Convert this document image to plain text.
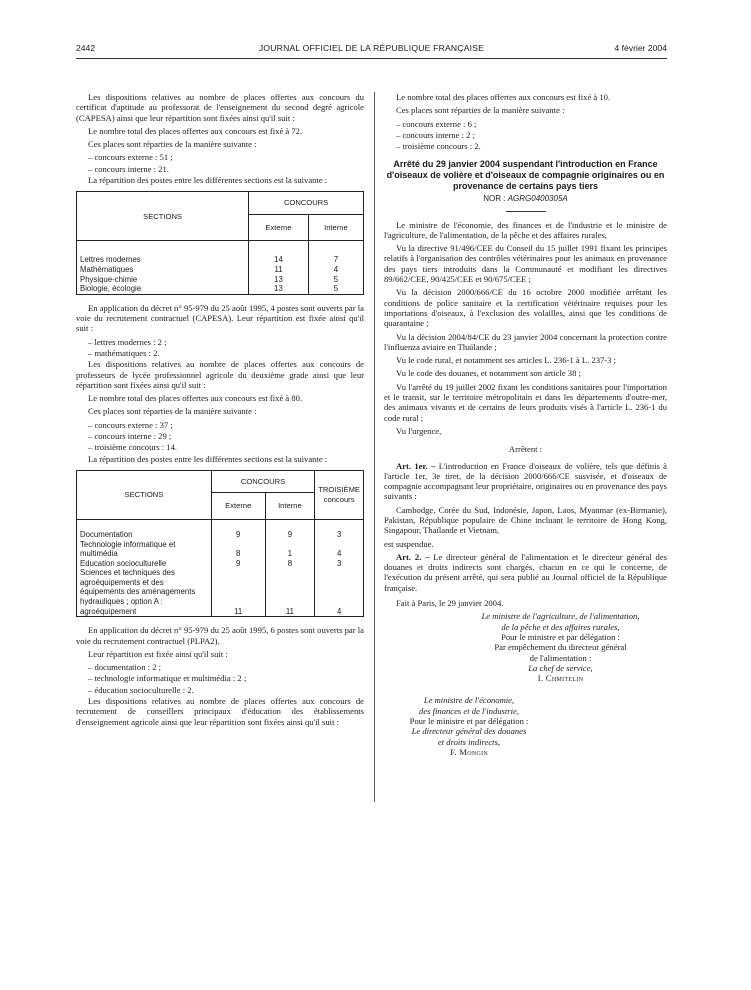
2442	JOURNAL OFFICIEL DE LA RÉPUBLIQUE FRANÇAISE	4 février 2004

Les dispositions relatives au nombre de places offertes aux concours du certificat d'aptitude au professorat de l'enseignement du second degré agricole (CAPESA) ainsi que leur répartition sont fixées ainsi qu'il suit :

Le nombre total des places offertes aux concours est fixé à 72.

Ces places sont réparties de la manière suivante :

– concours externe : 51 ;
– concours interne : 21.

La répartition des postes entre les différentes sections est la suivante :

SECTIONS	CONCOURS	
	Externe	Interne
Lettres modernes	14	7
Mathématiques	11	4
Physique-chimie	13	5
Biologie, écologie	13	5

En application du décret n° 95-979 du 25 août 1995, 4 postes sont ouverts par la voie du recrutement contractuel (CAPESA). Leur répartition est fixée ainsi qu'il suit :

– lettres modernes : 2 ;
– mathématiques : 2.

Les dispositions relatives au nombre de places offertes aux concours de professeurs de lycée professionnel agricole du deuxième grade ainsi que leur répartition sont fixées ainsi qu'il suit :

Le nombre total des places offertes aux concours est fixé à 80.

Ces places sont réparties de la manière suivante :

– concours externe : 37 ;
– concours interne : 29 ;
– troisième concours : 14.

La répartition des postes entre les différentes sections est la suivante :

SECTIONS	CONCOURS		TROISIÈME concours
	Externe	Interne	
Documentation	9	9	3
Technologie informatique et multimédia	8	1	4
Education socioculturelle	9	8	3
Sciences et techniques des agroéquipements et des équipements des aménagements hydrauliques ; option A : agroéquipement	11	11	4

En application du décret n° 95-979 du 25 août 1995, 6 postes sont ouverts par la voie du recrutement contractuel (PLPA2).

Leur répartition est fixée ainsi qu'il suit :

– documentation : 2 ;
– technologie informatique et multimédia : 2 ;
– éducation socioculturelle : 2.

Les dispositions relatives au nombre de places offertes aux concours de recrutement de conseillers principaux d'éducation des établissements d'enseignement agricole ainsi que leur répartition sont fixées ainsi qu'il suit :

Le nombre total des places offertes aux concours est fixé à 10.

Ces places sont réparties de la manière suivante :

– concours externe : 6 ;
– concours interne : 2 ;
– troisième concours : 2.
Arrêté du 29 janvier 2004 suspendant l'introduction en France d'oiseaux de volière et d'oiseaux de compagnie originaires ou en provenance de certains pays tiers
NOR : AGRG0400305A

Le ministre de l'économie, des finances et de l'industrie et le ministre de l'agriculture, de l'alimentation, de la pêche et des affaires rurales,

Vu la directive 91/496/CEE du Conseil du 15 juillet 1991 fixant les principes relatifs à l'organisation des contrôles vétérinaires pour les animaux en provenance des pays tiers introduits dans la Communauté et modifiant les directives 89/662/CEE, 90/425/CEE et 90/675/CEE ;

Vu la décision 2000/666/CE du 16 octobre 2000 modifiée arrêtant les conditions de police sanitaire et la certification vétérinaire requises pour les importations d'oiseaux, à l'exclusion des volailles, ainsi que les conditions de quarantaine ;

Vu la décision 2004/84/CE du 23 janvier 2004 concernant la protection contre l'influenza aviaire en Thaïlande ;

Vu le code rural, et notamment ses articles L. 236-1 à L. 237-3 ;

Vu le code des douanes, et notamment son article 38 ;

Vu l'arrêté du 19 juillet 2002 fixant les conditions sanitaires pour l'importation et le transit, sur le territoire métropolitain et dans les départements d'outre-mer, des animaux vivants et de certains de leurs produits visés à l'article L. 236-1 du code rural ;

Vu l'urgence,

Arrêtent :

Art. 1er. – L'introduction en France d'oiseaux de volière, tels que définis à l'article 1er, 3e tiret, de la décision 2000/666/CE susvisée, et d'oiseaux de compagnie accompagnant leur propriétaire, originaires ou en provenance des pays suivants :

Cambodge, Corée du Sud, Indonésie, Japon, Laos, Myanmar (ex-Birmanie), Pakistan, République populaire de Chine incluant le territoire de Hong Kong, Singapour, Thaïlande et Vietnam,

est suspendue.

Art. 2. – Le directeur général de l'alimentation et le directeur général des douanes et droits indirects sont chargés, chacun en ce qui le concerne, de l'exécution du présent arrêté, qui sera publié au Journal officiel de la République française.

Fait à Paris, le 29 janvier 2004.

Le ministre de l'agriculture, de l'alimentation,
de la pêche et des affaires rurales,
Pour le ministre et par délégation :
Par empêchement du directeur général
de l'alimentation :
La chef de service,
I. Chmitelin
Le ministre de l'économie,
des finances et de l'industrie,
Pour le ministre et par délégation :
Le directeur général des douanes
et droits indirects,
F. Mongin
